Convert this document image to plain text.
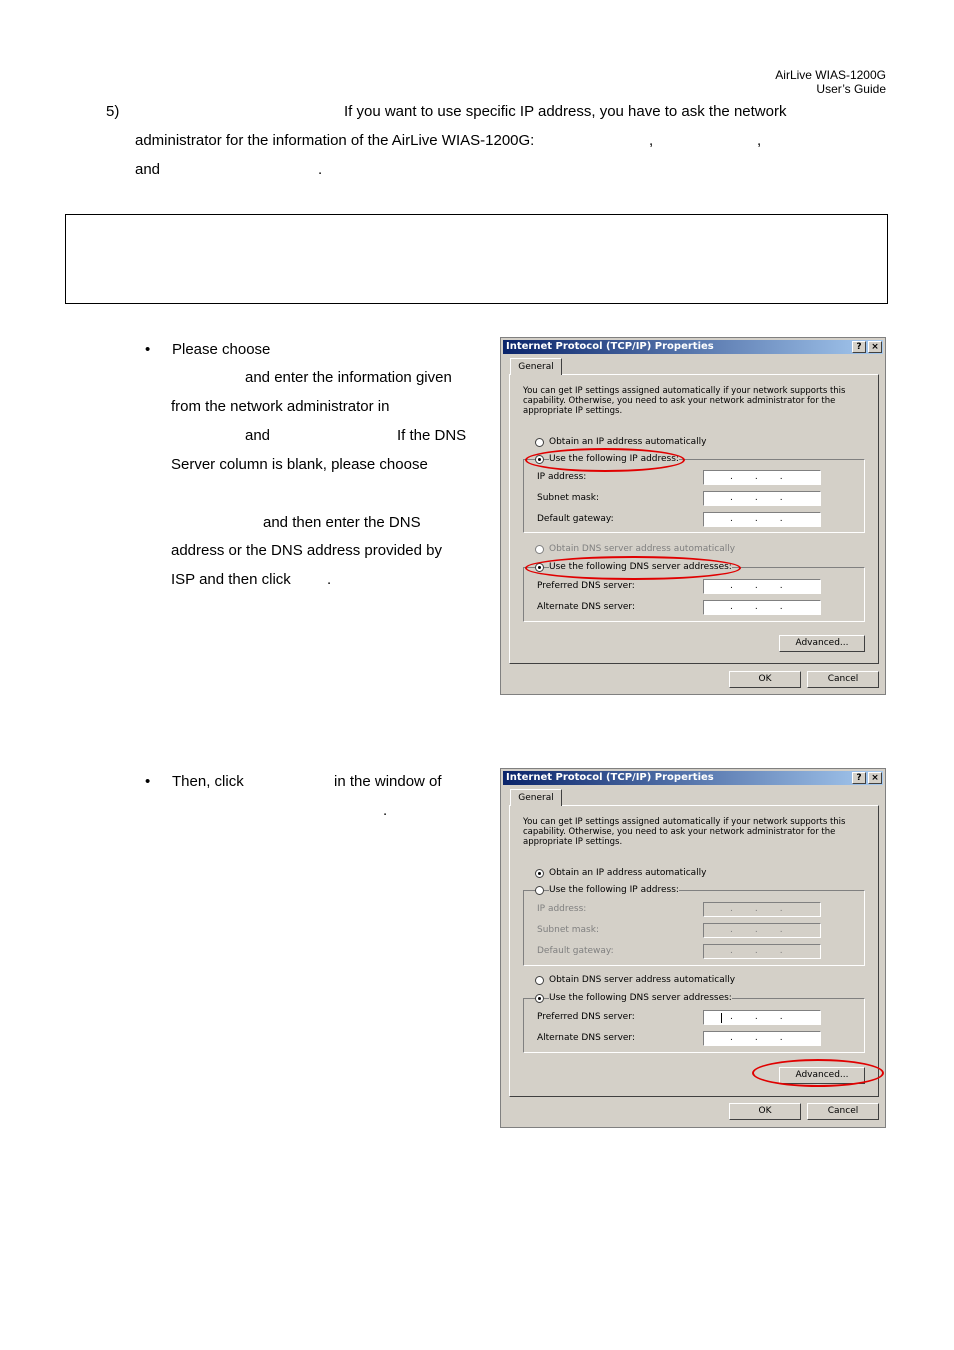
AirLive WIAS-1200G
User’s Guide
5)	If you want to use specific IP address, you have to ask the network
administrator for the information of the AirLive WIAS-1200G:	,	,
and	.
• Please choose
and enter the information given
from the network administrator in
and	If the DNS
Server column is blank, please choose
and then enter the DNS
address or the DNS address provided by
ISP and then click .
• Then, click	in the window of
.
Internet Protocol (TCP/IP) Properties	?	×
General
You can get IP settings assigned automatically if your network supports this capability. Otherwise, you need to ask your network administrator for the appropriate IP settings.
Obtain an IP address automatically
Use the following IP address:
IP address:	...
Subnet mask:	...
Default gateway:	...
Obtain DNS server address automatically
Use the following DNS server addresses:
Preferred DNS server:	...
Alternate DNS server:	...
Advanced...
OK	Cancel
Internet Protocol (TCP/IP) Properties	?	×
General
You can get IP settings assigned automatically if your network supports this capability. Otherwise, you need to ask your network administrator for the appropriate IP settings.
Obtain an IP address automatically
Use the following IP address:
IP address:	...
Subnet mask:	...
Default gateway:	...
Obtain DNS server address automatically
Use the following DNS server addresses:
Preferred DNS server:	...
Alternate DNS server:	...
Advanced...
OK	Cancel
